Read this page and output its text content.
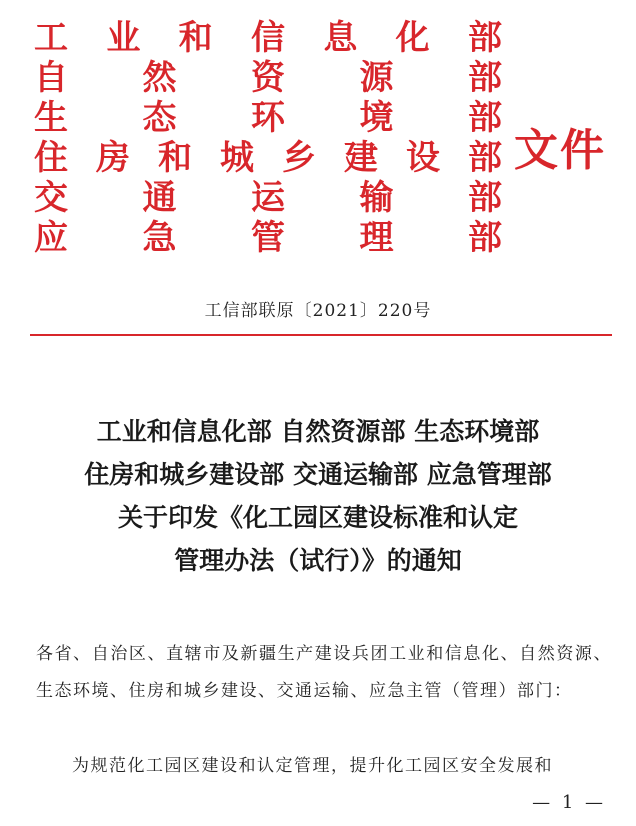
工 业 和 信 息 化 部
自 然 资 源 部
生 态 环 境 部
住 房 和 城 乡 建 设 部
交 通 运 输 部
应 急 管 理 部
文件
工信部联原〔2021〕220号
工业和信息化部 自然资源部 生态环境部
住房和城乡建设部 交通运输部 应急管理部
关于印发《化工园区建设标准和认定
管理办法（试行）》的通知
各省、自治区、直辖市及新疆生产建设兵团工业和信息化、自然资源、生态环境、住房和城乡建设、交通运输、应急主管（管理）部门：
为规范化工园区建设和认定管理，提升化工园区安全发展和
— 1 —
